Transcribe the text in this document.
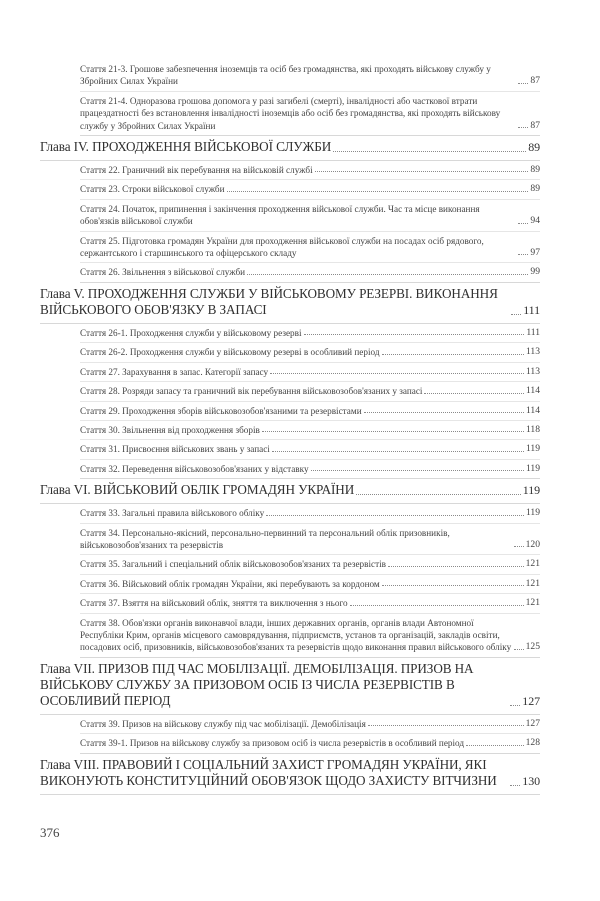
Стаття 21-3. Грошове забезпечення іноземців та осіб без громадянства, які проходять військову службу у Збройних Силах України	87
Стаття 21-4. Одноразова грошова допомога у разі загибелі (смерті), інвалідності або часткової втрати працездатності без встановлення інвалідності іноземців або осіб без громадянства, які проходять військову службу у Збройних Силах України	87
Глава IV. ПРОХОДЖЕННЯ ВІЙСЬКОВОЇ СЛУЖБИ	89
Стаття 22. Граничний вік перебування на військовій службі	89
Стаття 23. Строки військової служби	89
Стаття 24. Початок, припинення і закінчення проходження військової служби. Час та місце виконання обов'язків військової служби	94
Стаття 25. Підготовка громадян України для проходження військової служби на посадах осіб рядового, сержантського і старшинського та офіцерського складу	97
Стаття 26. Звільнення з військової служби	99
Глава V. ПРОХОДЖЕННЯ СЛУЖБИ У ВІЙСЬКОВОМУ РЕЗЕРВІ. ВИКОНАННЯ ВІЙСЬКОВОГО ОБОВ'ЯЗКУ В ЗАПАСІ	111
Стаття 26-1. Проходження служби у військовому резерві	111
Стаття 26-2. Проходження служби у військовому резерві в особливий період	113
Стаття 27. Зарахування в запас. Категорії запасу	113
Стаття 28. Розряди запасу та граничний вік перебування військовозобов'язаних у запасі	114
Стаття 29. Проходження зборів військовозобов'язаними та резервістами	114
Стаття 30. Звільнення від проходження зборів	118
Стаття 31. Присвоєння військових звань у запасі	119
Стаття 32. Переведення військовозобов'язаних у відставку	119
Глава VI. ВІЙСЬКОВИЙ ОБЛІК ГРОМАДЯН УКРАЇНИ	119
Стаття 33. Загальні правила військового обліку	119
Стаття 34. Персонально-якісний, персонально-первинний та персональний облік призовників, військовозобов'язаних та резервістів	120
Стаття 35. Загальний і спеціальний облік військовозобов'язаних та резервістів	121
Стаття 36. Військовий облік громадян України, які перебувають за кордоном	121
Стаття 37. Взяття на військовий облік, зняття та виключення з нього	121
Стаття 38. Обов'язки органів виконавчої влади, інших державних органів, органів влади Автономної Республіки Крим, органів місцевого самоврядування, підприємств, установ та організацій, закладів освіти, посадових осіб, призовників, військовозобов'язаних та резервістів щодо виконання правил військового обліку 125
Глава VII. ПРИЗОВ ПІД ЧАС МОБІЛІЗАЦІЇ. ДЕМОБІЛІЗАЦІЯ. ПРИЗОВ НА ВІЙСЬКОВУ СЛУЖБУ ЗА ПРИЗОВОМ ОСІБ ІЗ ЧИСЛА РЕЗЕРВІСТІВ В ОСОБЛИВИЙ ПЕРІОД	127
Стаття 39. Призов на військову службу під час мобілізації. Демобілізація	127
Стаття 39-1. Призов на військову службу за призовом осіб із числа резервістів в особливий період	128
Глава VIII. ПРАВОВИЙ І СОЦІАЛЬНИЙ ЗАХИСТ ГРОМАДЯН УКРАЇНИ, ЯКІ ВИКОНУЮТЬ КОНСТИТУЦІЙНИЙ ОБОВ'ЯЗОК ЩОДО ЗАХИСТУ ВІТЧИЗНИ	130
376
